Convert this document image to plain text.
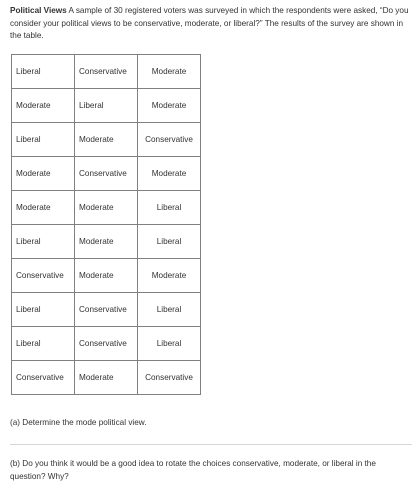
Political Views A sample of 30 registered voters was surveyed in which the respondents were asked, “Do you consider your political views to be conservative, moderate, or liberal?” The results of the survey are shown in the table.
Liberal	Conservative	Moderate
Moderate	Liberal	Moderate
Liberal	Moderate	Conservative
Moderate	Conservative	Moderate
Moderate	Moderate	Liberal
Liberal	Moderate	Liberal
Conservative	Moderate	Moderate
Liberal	Conservative	Liberal
Liberal	Conservative	Liberal
Conservative	Moderate	Conservative
(a) Determine the mode political view.
(b) Do you think it would be a good idea to rotate the choices conservative, moderate, or liberal in the question? Why?
